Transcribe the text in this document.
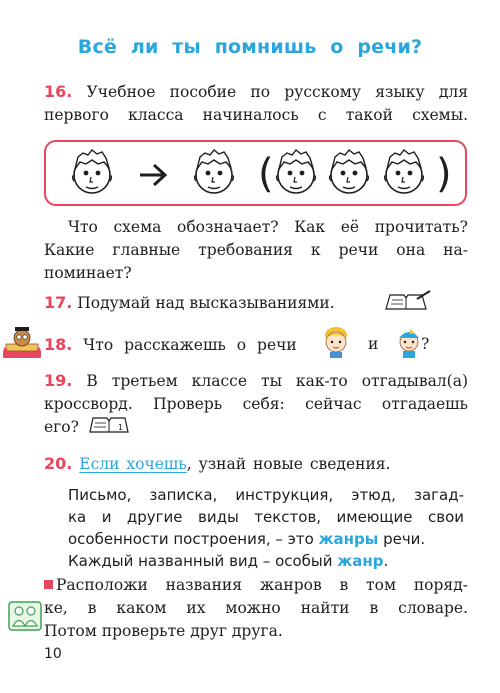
Всё ли ты помнишь о речи?
16. Учебное пособие по русскому языку для
первого класса начиналось с такой схемы.
(	)
Что схема обозначает? Как её прочитать?
Какие главные требования к речи она на-
поминает?
17. Подумай над высказываниями.
18. Что расскажешь о речи	и	?
19. В третьем классе ты как-то отгадывал(а)
кроссворд. Проверь себя: сейчас отгадаешь
его?	1
20. Если хочешь, узнай новые сведения.
Письмо, записка, инструкция, этюд, загад-
ка и другие виды текстов, имеющие свои
особенности построения, – это жанры речи.
Каждый названный вид – особый жанр.
Расположи названия жанров в том поряд-
ке, в каком их можно найти в словаре.
Потом проверьте друг друга.
10
